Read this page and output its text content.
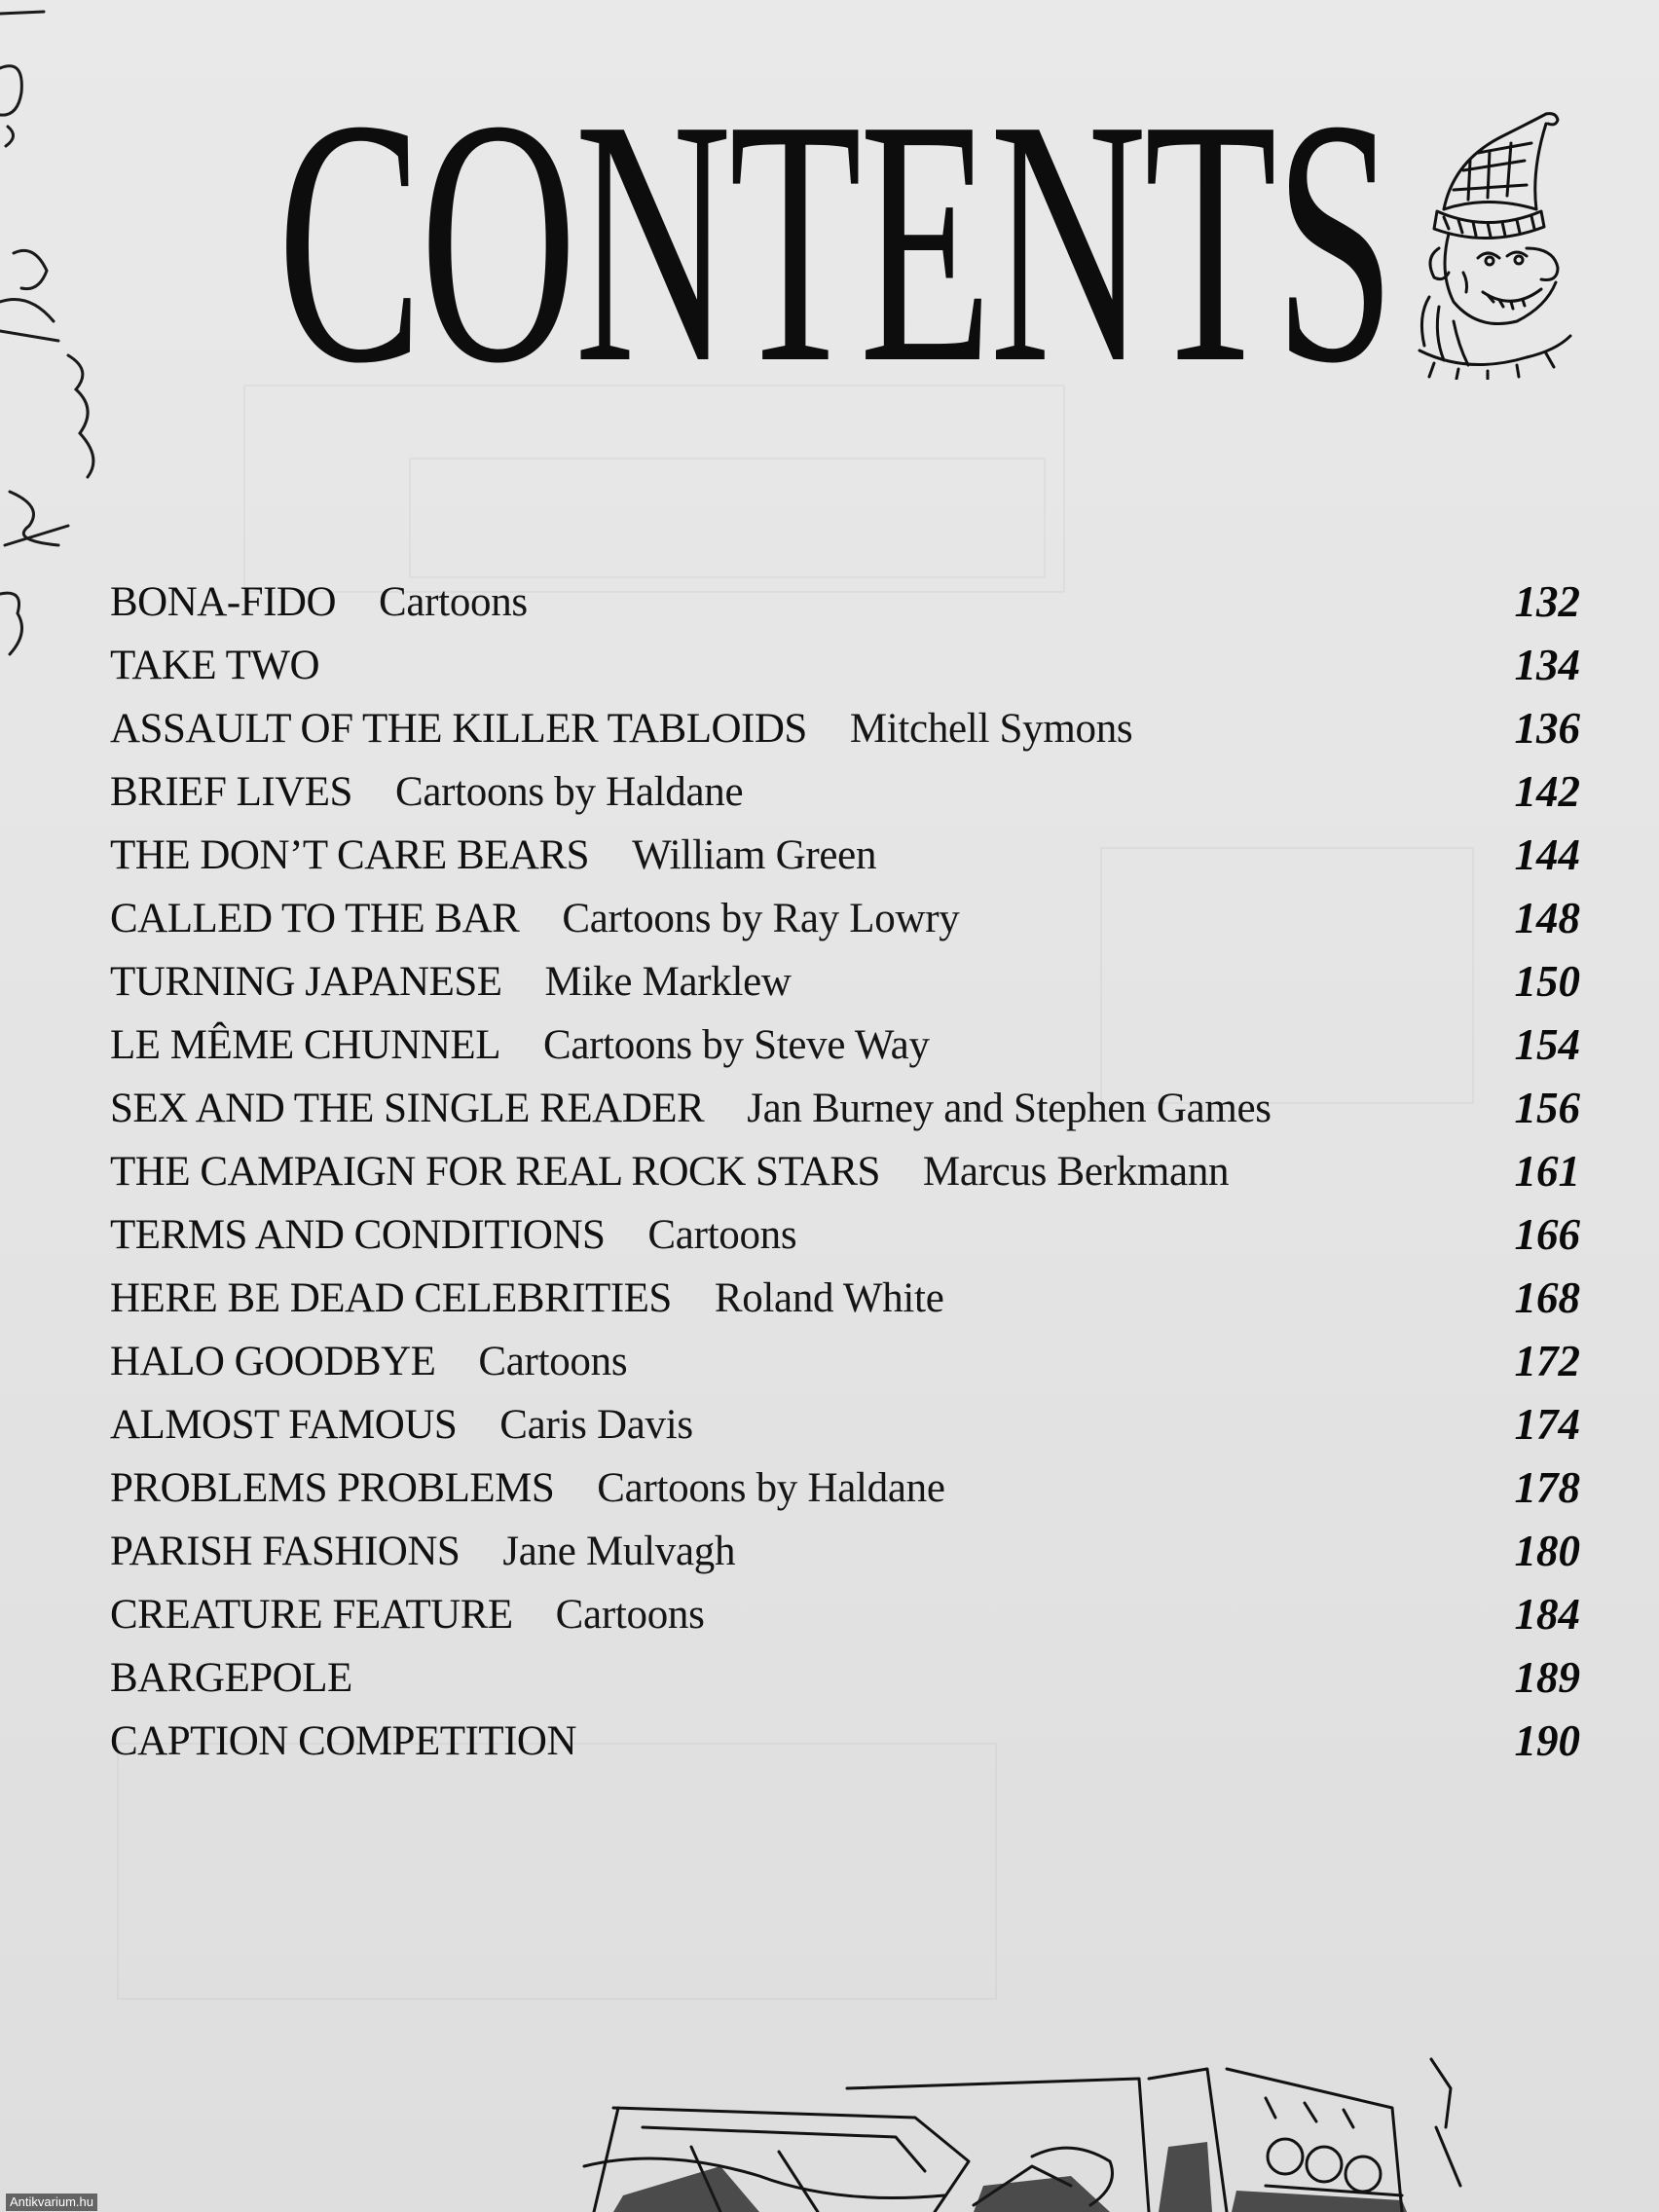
CONTENTS
BONA-FIDO Cartoons	132
TAKE TWO	134
ASSAULT OF THE KILLER TABLOIDS Mitchell Symons	136
BRIEF LIVES Cartoons by Haldane	142
THE DON’T CARE BEARS William Green	144
CALLED TO THE BAR Cartoons by Ray Lowry	148
TURNING JAPANESE Mike Marklew	150
LE MÊME CHUNNEL Cartoons by Steve Way	154
SEX AND THE SINGLE READER Jan Burney and Stephen Games	156
THE CAMPAIGN FOR REAL ROCK STARS Marcus Berkmann	161
TERMS AND CONDITIONS Cartoons	166
HERE BE DEAD CELEBRITIES Roland White	168
HALO GOODBYE Cartoons	172
ALMOST FAMOUS Caris Davis	174
PROBLEMS PROBLEMS Cartoons by Haldane	178
PARISH FASHIONS Jane Mulvagh	180
CREATURE FEATURE Cartoons	184
BARGEPOLE	189
CAPTION COMPETITION	190
Antikvarium.hu
